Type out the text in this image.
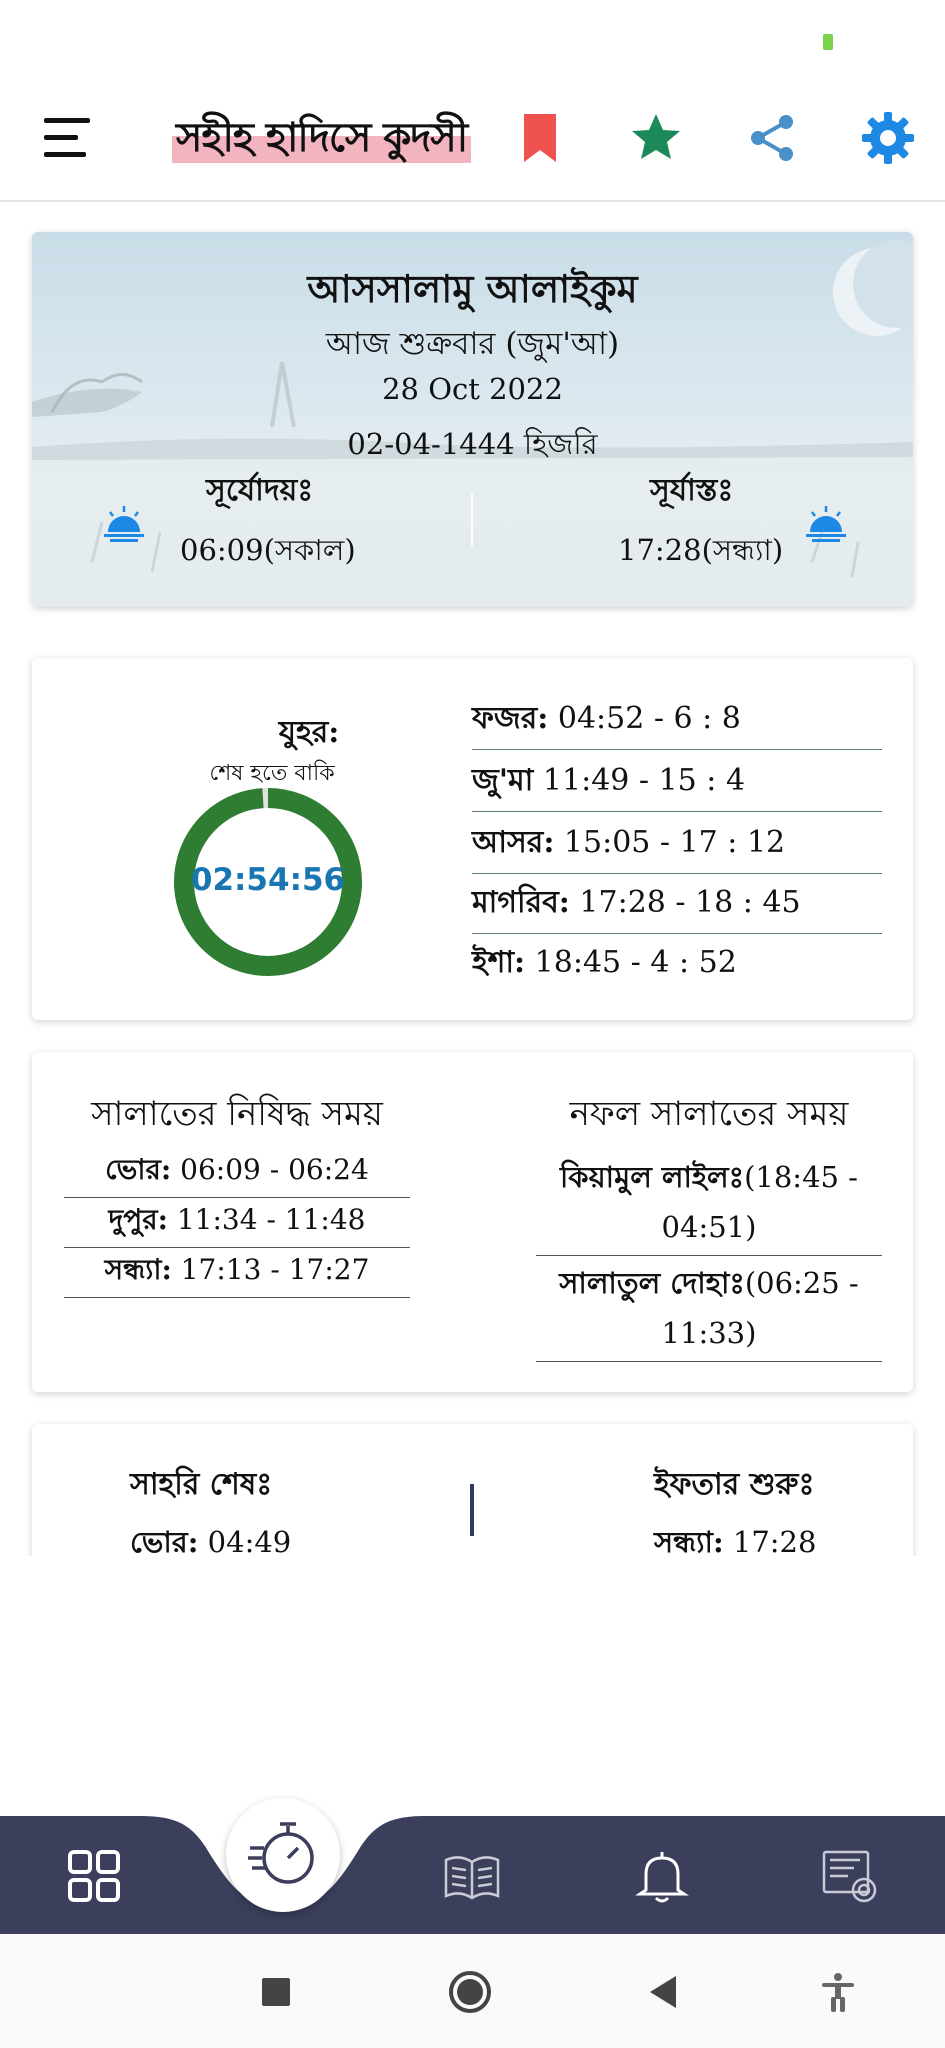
সহীহ হাদিসে কুদসী
আসসালামু আলাইকুম
আজ শুক্রবার (জুম'আ)
28 Oct 2022
02-04-1444 হিজরি
সূর্যোদয়ঃ
06:09(সকাল)
সূর্যাস্তঃ
17:28(সন্ধ্যা)
যুহর:
শেষ হতে বাকি
02:54:56
ফজর: 04:52 - 6 : 8
জু'মা 11:49 - 15 : 4
আসর: 15:05 - 17 : 12
মাগরিব: 17:28 - 18 : 45
ইশা: 18:45 - 4 : 52
সালাতের নিষিদ্ধ সময়
ভোর: 06:09 - 06:24
দুপুর: 11:34 - 11:48
সন্ধ্যা: 17:13 - 17:27
নফল সালাতের সময়
কিয়ামুল লাইলঃ(18:45 -
04:51)
সালাতুল দোহাঃ(06:25 -
11:33)
সাহরি শেষঃ
ভোর: 04:49
ইফতার শুরুঃ
সন্ধ্যা: 17:28
